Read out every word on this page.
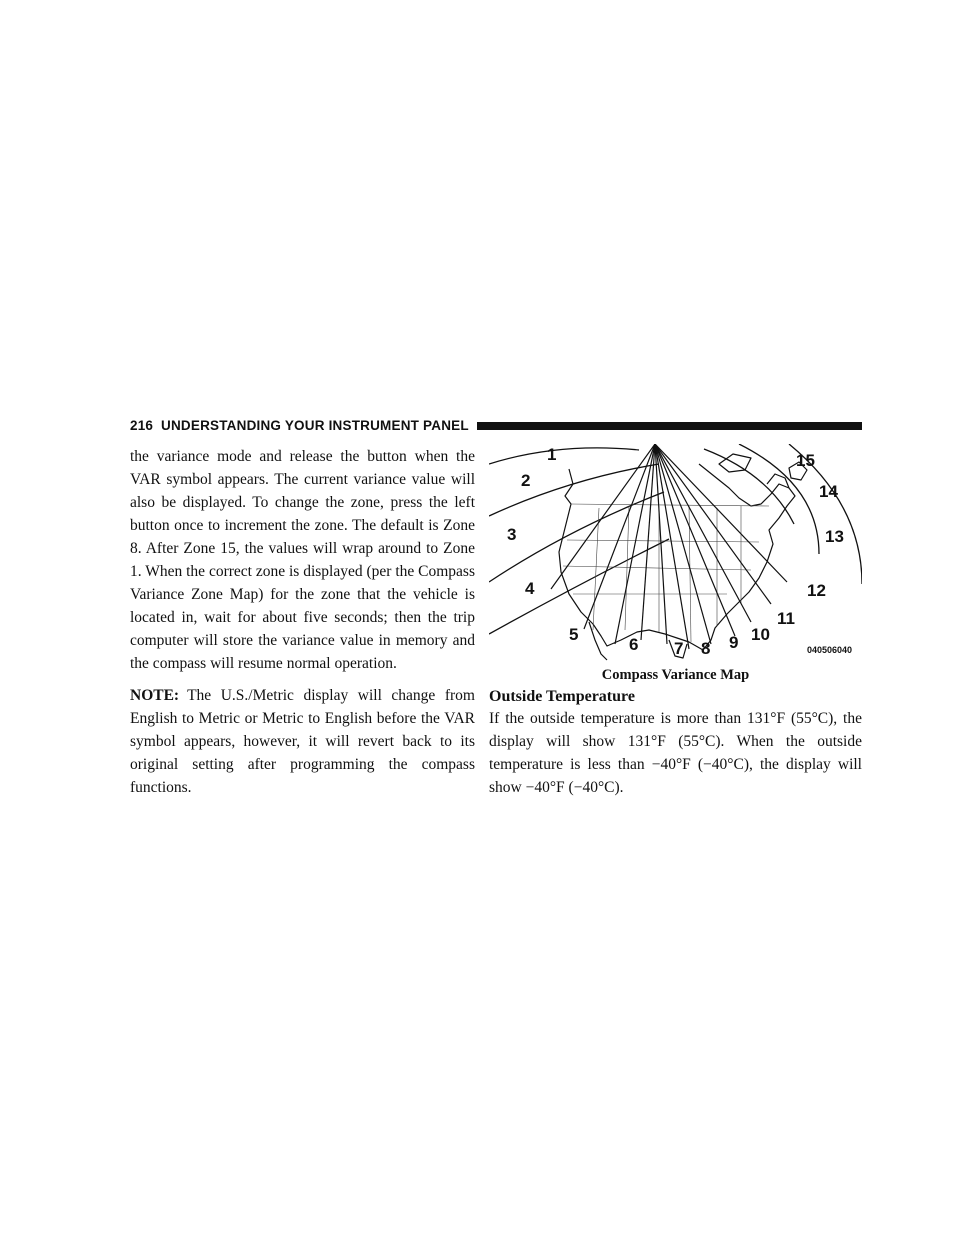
216 UNDERSTANDING YOUR INSTRUMENT PANEL

the variance mode and release the button when the VAR symbol appears. The current variance value will also be displayed. To change the zone, press the left button once to increment the zone. The default is Zone 8. After Zone 15, the values will wrap around to Zone 1. When the correct zone is displayed (per the Compass Variance Zone Map) for the zone that the vehicle is located in, wait for about five seconds; then the trip computer will store the variance value in memory and the compass will resume normal operation.

NOTE: The U.S./Metric display will change from English to Metric or Metric to English before the VAR symbol appears, however, it will revert back to its original setting after programming the compass functions.

1
2
3
4
5
6 7 8 9 10
11
12
13
14
15
040506040
Compass Variance Map
Outside Temperature

If the outside temperature is more than 131°F (55°C), the display will show 131°F (55°C). When the outside temperature is less than −40°F (−40°C), the display will show −40°F (−40°C).
